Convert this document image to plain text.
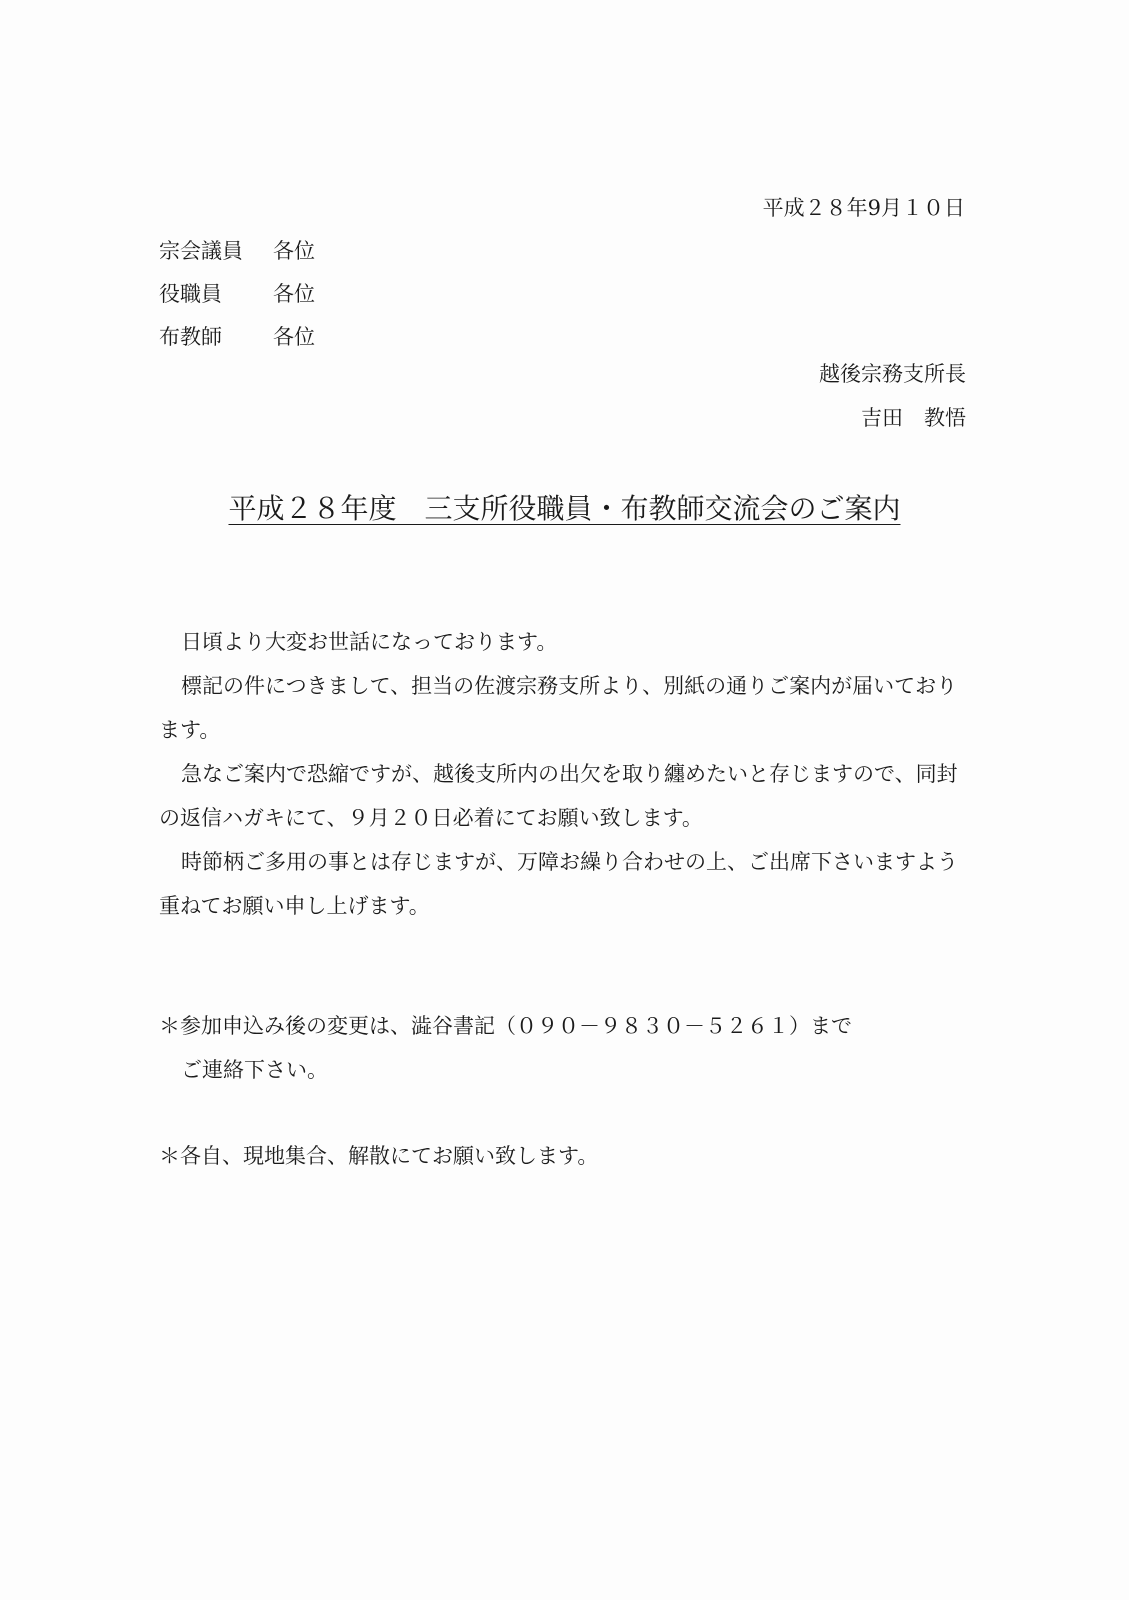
平成２８年9月１０日
宗会議員 各位
役職員 各位
布教師 各位
越後宗務支所長
吉田　教悟
平成２８年度　三支所役職員・布教師交流会のご案内

日頃より大変お世話になっております。

標記の件につきまして、担当の佐渡宗務支所より、別紙の通りご案内が届いております。

急なご案内で恐縮ですが、越後支所内の出欠を取り纏めたいと存じますので、同封の返信ハガキにて、９月２０日必着にてお願い致します。

時節柄ご多用の事とは存じますが、万障お繰り合わせの上、ご出席下さいますよう重ねてお願い申し上げます。

＊参加申込み後の変更は、澁谷書記（０９０－９８３０－５２６１）まで

ご連絡下さい。

＊各自、現地集合、解散にてお願い致します。
